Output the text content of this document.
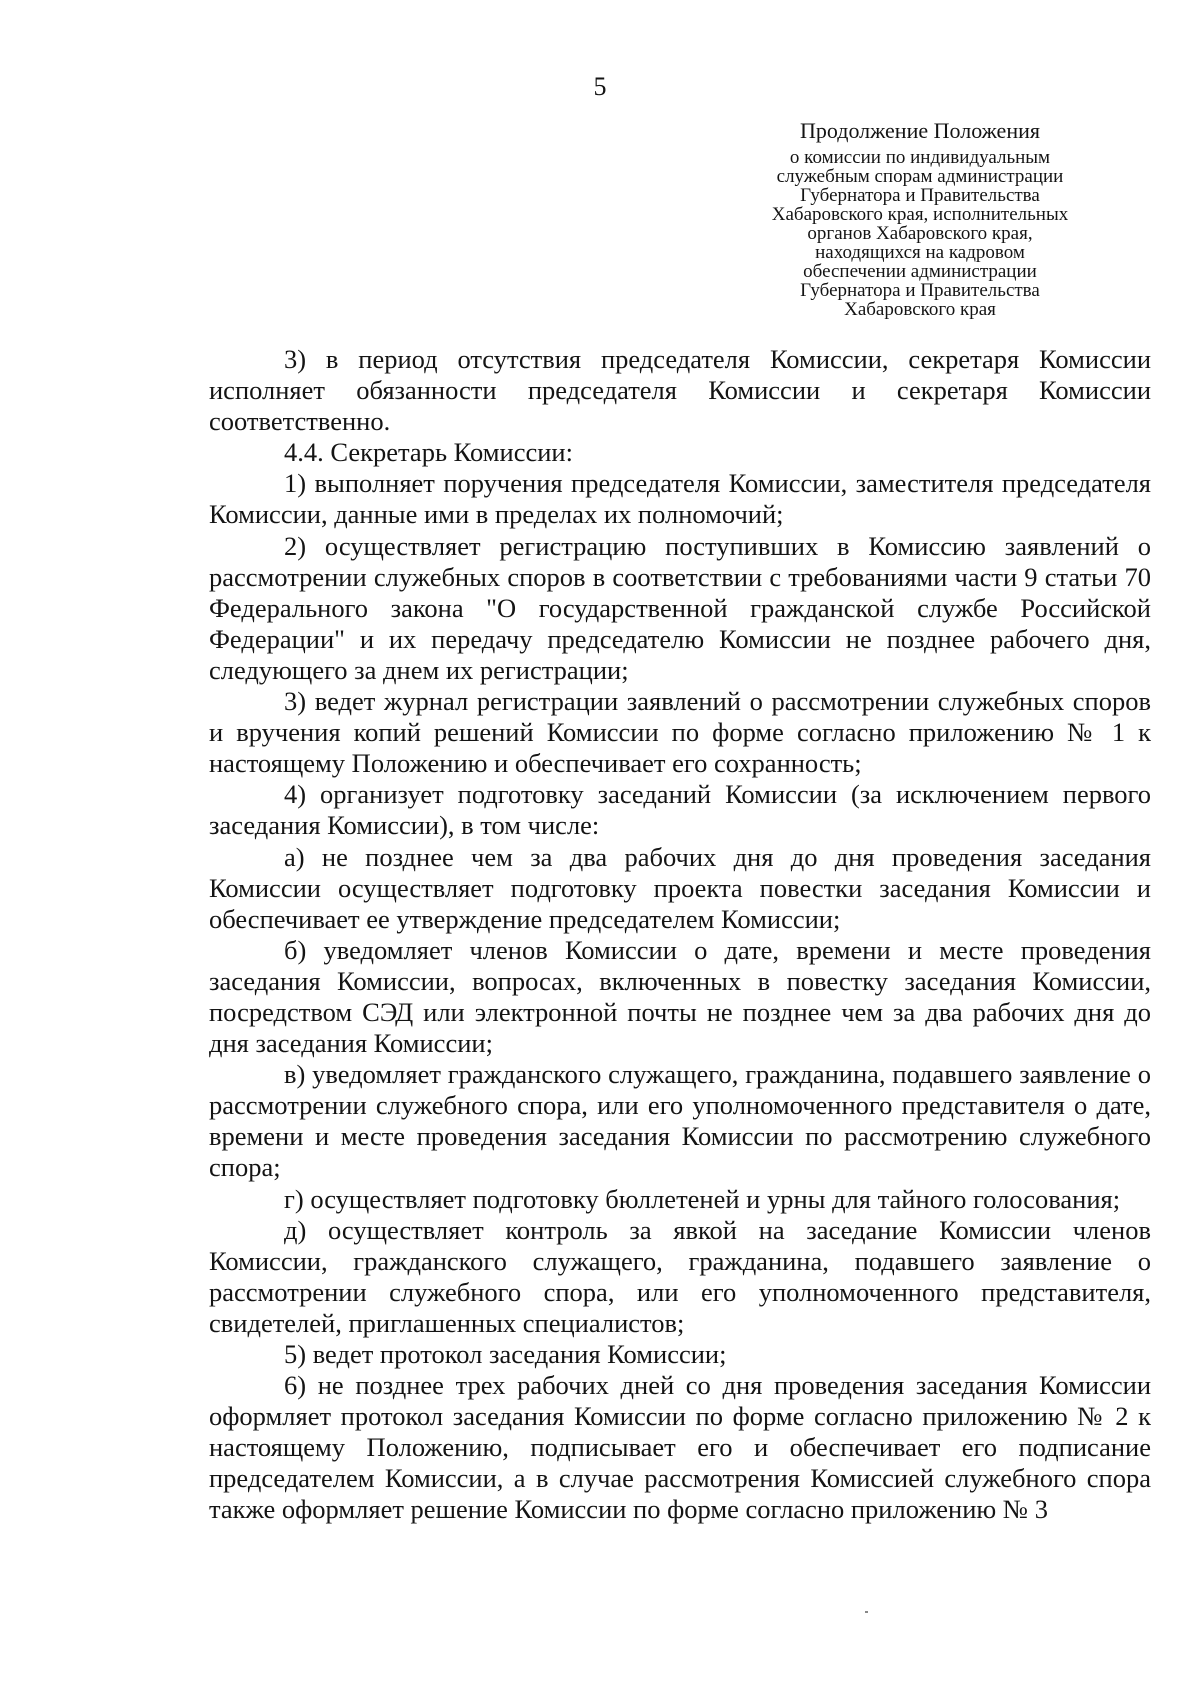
5
Продолжение Положения
о комиссии по индивидуальным
служебным спорам администрации
Губернатора и Правительства
Хабаровского края, исполнительных
органов Хабаровского края,
находящихся на кадровом
обеспечении администрации
Губернатора и Правительства
Хабаровского края

3) в период отсутствия председателя Комиссии, секретаря Комиссии исполняет обязанности председателя Комиссии и секретаря Комиссии соответственно.

4.4. Секретарь Комиссии:

1) выполняет поручения председателя Комиссии, заместителя председателя Комиссии, данные ими в пределах их полномочий;

2) осуществляет регистрацию поступивших в Комиссию заявлений о рассмотрении служебных споров в соответствии с требованиями части 9 статьи 70 Федерального закона "О государственной гражданской службе Российской Федерации" и их передачу председателю Комиссии не позднее рабочего дня, следующего за днем их регистрации;

3) ведет журнал регистрации заявлений о рассмотрении служебных споров и вручения копий решений Комиссии по форме согласно приложению № 1 к настоящему Положению и обеспечивает его сохранность;

4) организует подготовку заседаний Комиссии (за исключением первого заседания Комиссии), в том числе:

а) не позднее чем за два рабочих дня до дня проведения заседания Комиссии осуществляет подготовку проекта повестки заседания Комиссии и обеспечивает ее утверждение председателем Комиссии;

б) уведомляет членов Комиссии о дате, времени и месте проведения заседания Комиссии, вопросах, включенных в повестку заседания Комиссии, посредством СЭД или электронной почты не позднее чем за два рабочих дня до дня заседания Комиссии;

в) уведомляет гражданского служащего, гражданина, подавшего заявление о рассмотрении служебного спора, или его уполномоченного представителя о дате, времени и месте проведения заседания Комиссии по рассмотрению служебного спора;

г) осуществляет подготовку бюллетеней и урны для тайного голосования;

д) осуществляет контроль за явкой на заседание Комиссии членов Комиссии, гражданского служащего, гражданина, подавшего заявление о рассмотрении служебного спора, или его уполномоченного представителя, свидетелей, приглашенных специалистов;

5) ведет протокол заседания Комиссии;

6) не позднее трех рабочих дней со дня проведения заседания Комиссии оформляет протокол заседания Комиссии по форме согласно приложению № 2 к настоящему Положению, подписывает его и обеспечивает его подписание председателем Комиссии, а в случае рассмотрения Комиссией служебного спора также оформляет решение Комиссии по форме согласно приложению № 3
